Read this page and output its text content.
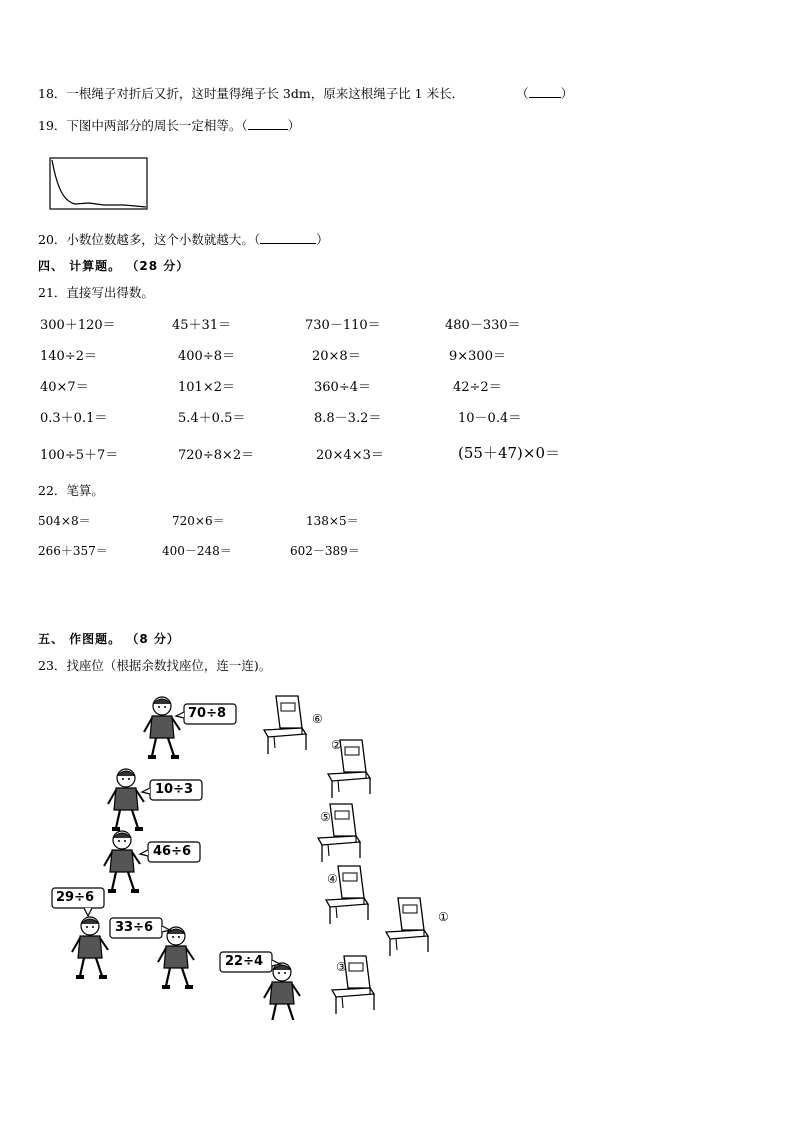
18．一根绳子对折后又折，这时量得绳子长 3dm，原来这根绳子比 1 米长．	（	）
19．下图中两部分的周长一定相等。（	）
20．小数位数越多，这个小数就越大。（	）
四、 计算题。 （28 分）
21．直接写出得数。
300＋120＝	45＋31＝	730－110＝	480－330＝
140÷2＝	400÷8＝	20×8＝	9×300＝
40×7＝	101×2＝	360÷4＝	42÷2＝
0.3＋0.1＝	5.4＋0.5＝	8.8－3.2＝	10－0.4＝
100÷5＋7＝	720÷8×2＝	20×4×3＝	(55＋47)×0＝
22．笔算。
504×8＝	720×6＝	138×5＝
266＋357＝	400－248＝	602－389＝
五、 作图题。 （8 分）
23．找座位（根据余数找座位，连一连)。
70÷8
10÷3
46÷6
29÷6
33÷6
22÷4
⑥
②
⑤
④
①
③
